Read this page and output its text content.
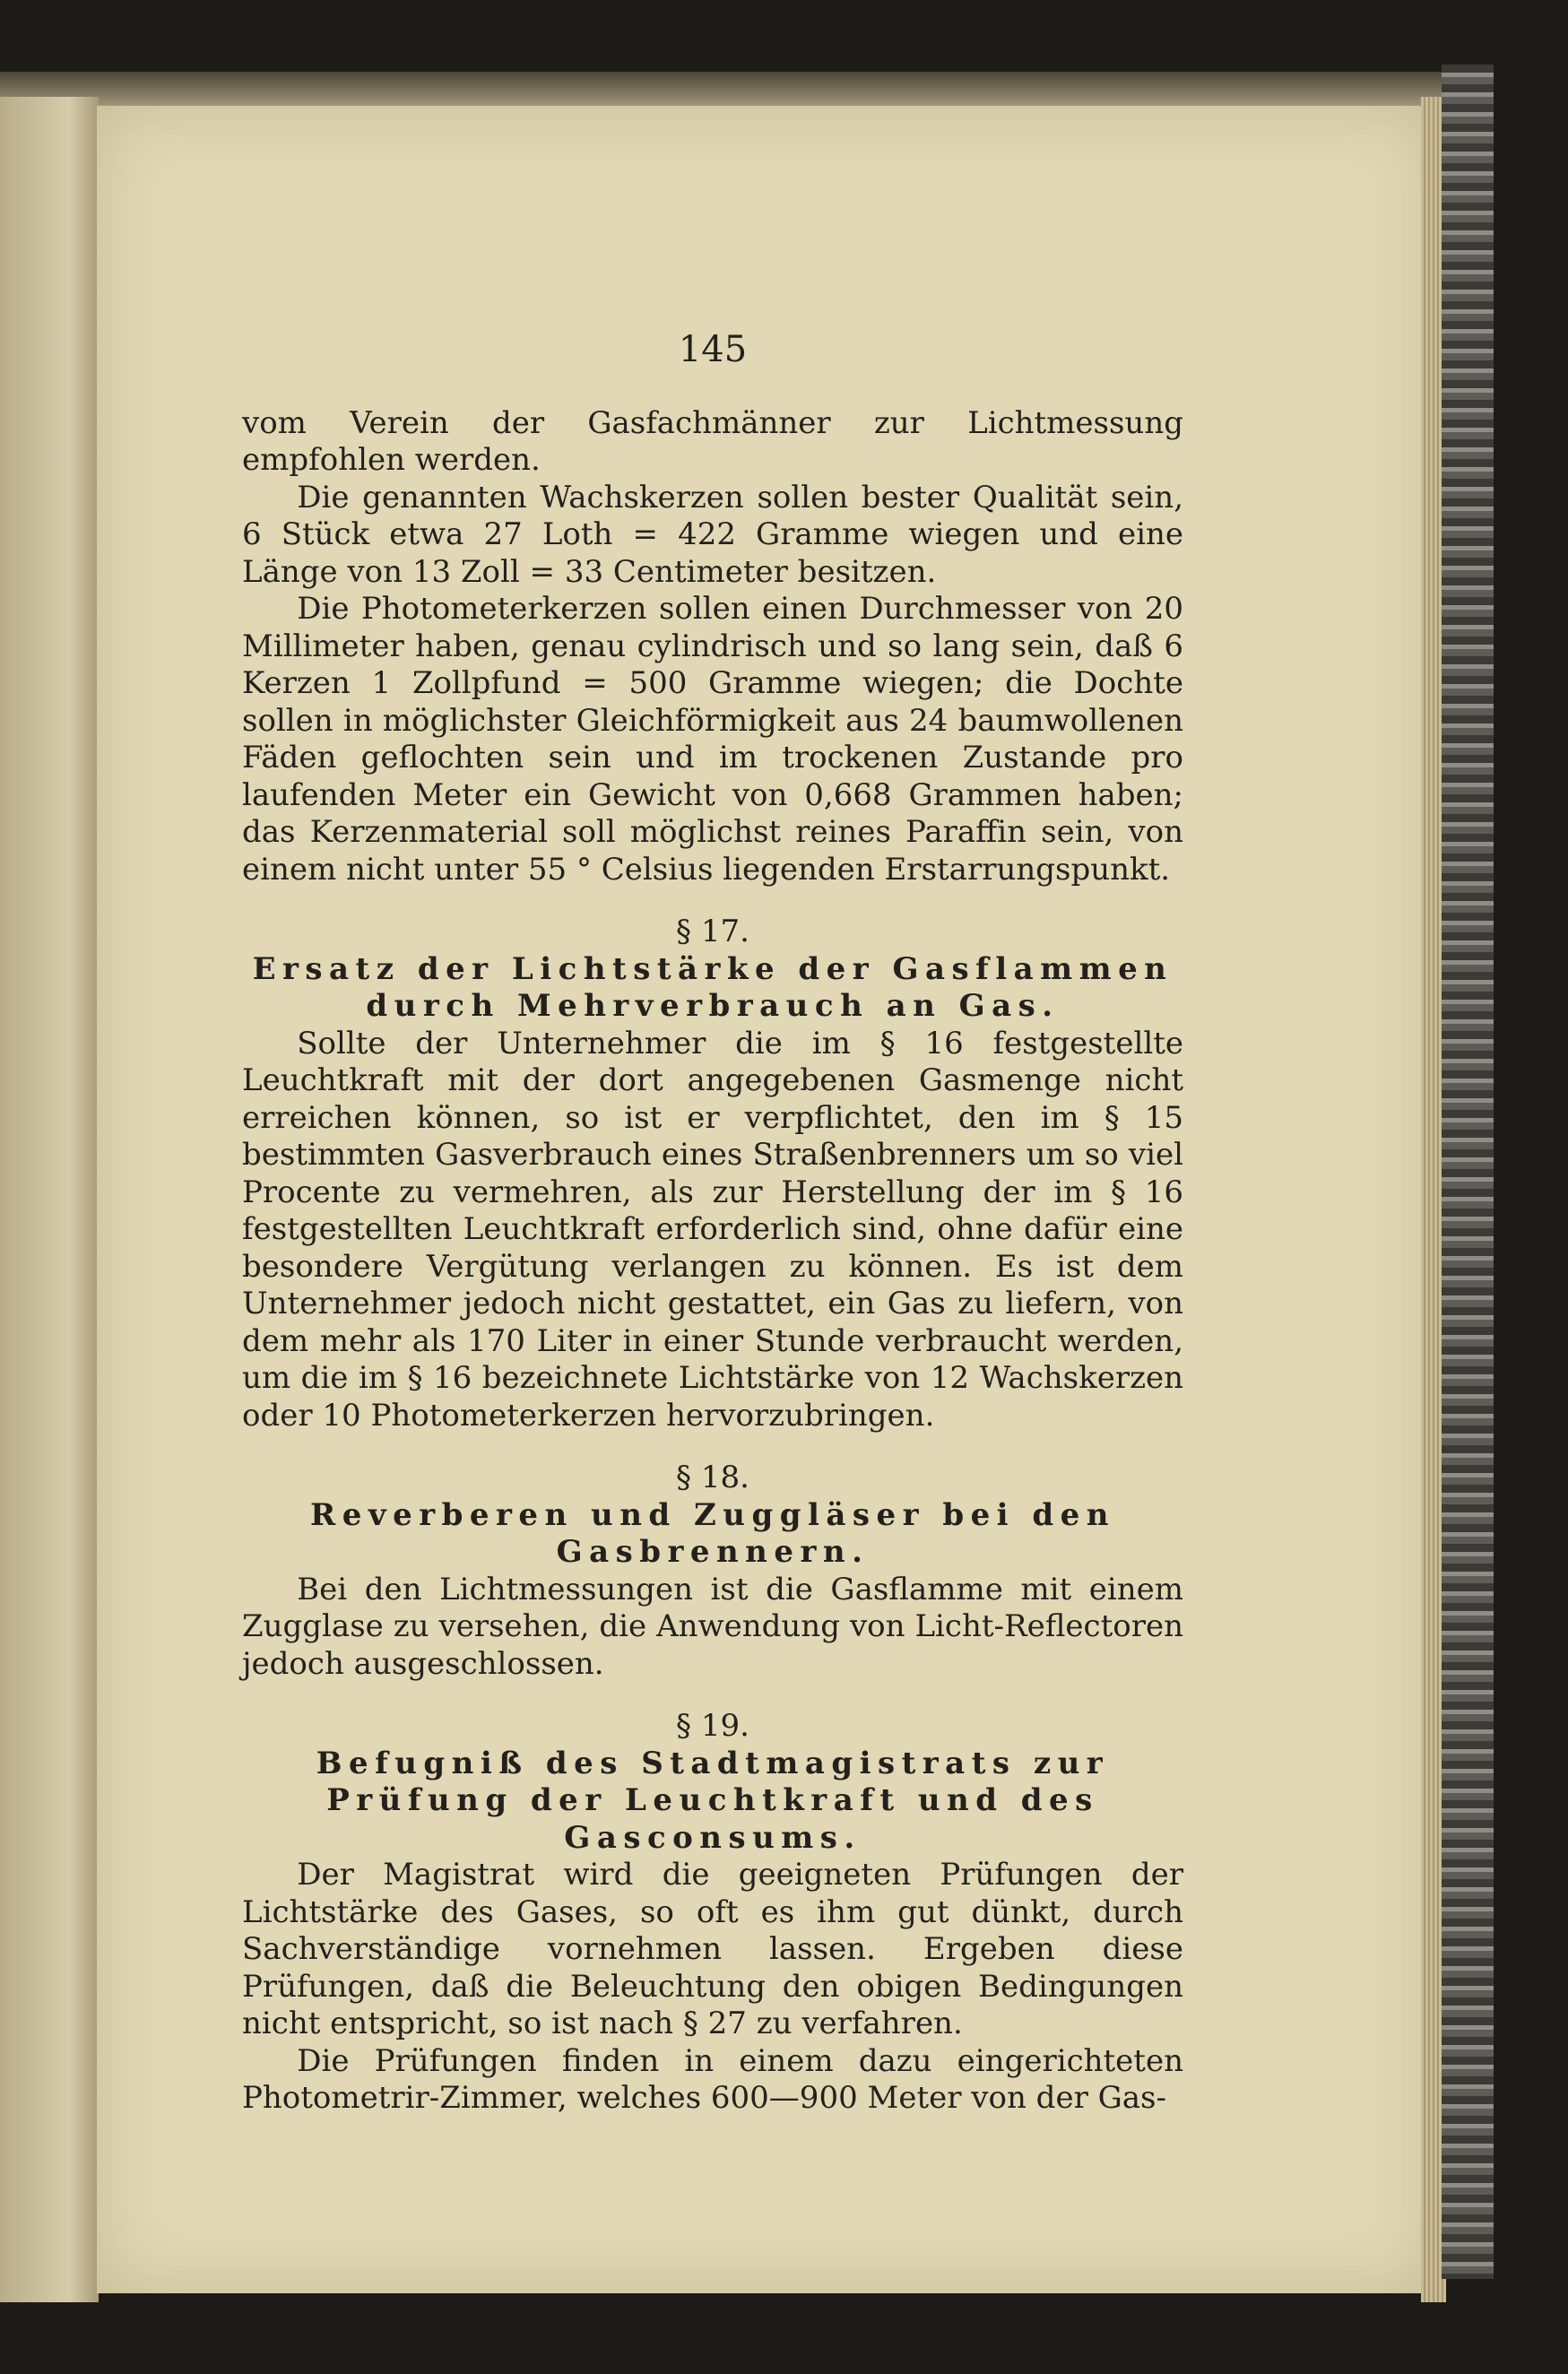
145

vom Verein der Gasfachmänner zur Lichtmessung empfohlen werden.

Die genannten Wachskerzen sollen bester Qualität sein, 6 Stück etwa 27 Loth = 422 Gramme wiegen und eine Länge von 13 Zoll = 33 Centimeter besitzen.

Die Photometerkerzen sollen einen Durchmesser von 20 Millimeter haben, genau cylindrisch und so lang sein, daß 6 Kerzen 1 Zollpfund = 500 Gramme wiegen; die Dochte sollen in möglichster Gleichförmigkeit aus 24 baumwollenen Fäden geflochten sein und im trockenen Zustande pro laufenden Meter ein Gewicht von 0,668 Grammen haben; das Kerzenmaterial soll möglichst reines Paraffin sein, von einem nicht unter 55 ° Celsius liegenden Erstarrungspunkt.

§ 17.
Ersatz der Lichtstärke der Gasflammen durch Mehrverbrauch an Gas.

Sollte der Unternehmer die im § 16 festgestellte Leuchtkraft mit der dort angegebenen Gasmenge nicht erreichen können, so ist er verpflichtet, den im § 15 bestimmten Gasverbrauch eines Straßenbrenners um so viel Procente zu vermehren, als zur Herstellung der im § 16 festgestellten Leuchtkraft erforderlich sind, ohne dafür eine besondere Vergütung verlangen zu können. Es ist dem Unternehmer jedoch nicht gestattet, ein Gas zu liefern, von dem mehr als 170 Liter in einer Stunde verbraucht werden, um die im § 16 bezeichnete Lichtstärke von 12 Wachskerzen oder 10 Photometerkerzen hervorzubringen.

§ 18.
Reverberen und Zuggläser bei den Gasbrennern.

Bei den Lichtmessungen ist die Gasflamme mit einem Zugglase zu versehen, die Anwendung von Licht-Reflectoren jedoch ausgeschlossen.

§ 19.
Befugniß des Stadtmagistrats zur Prüfung der Leuchtkraft und des Gasconsums.

Der Magistrat wird die geeigneten Prüfungen der Lichtstärke des Gases, so oft es ihm gut dünkt, durch Sachverständige vornehmen lassen. Ergeben diese Prüfungen, daß die Beleuchtung den obigen Bedingungen nicht entspricht, so ist nach § 27 zu verfahren.

Die Prüfungen finden in einem dazu eingerichteten Photometrir-Zimmer, welches 600—900 Meter von der Gas-
